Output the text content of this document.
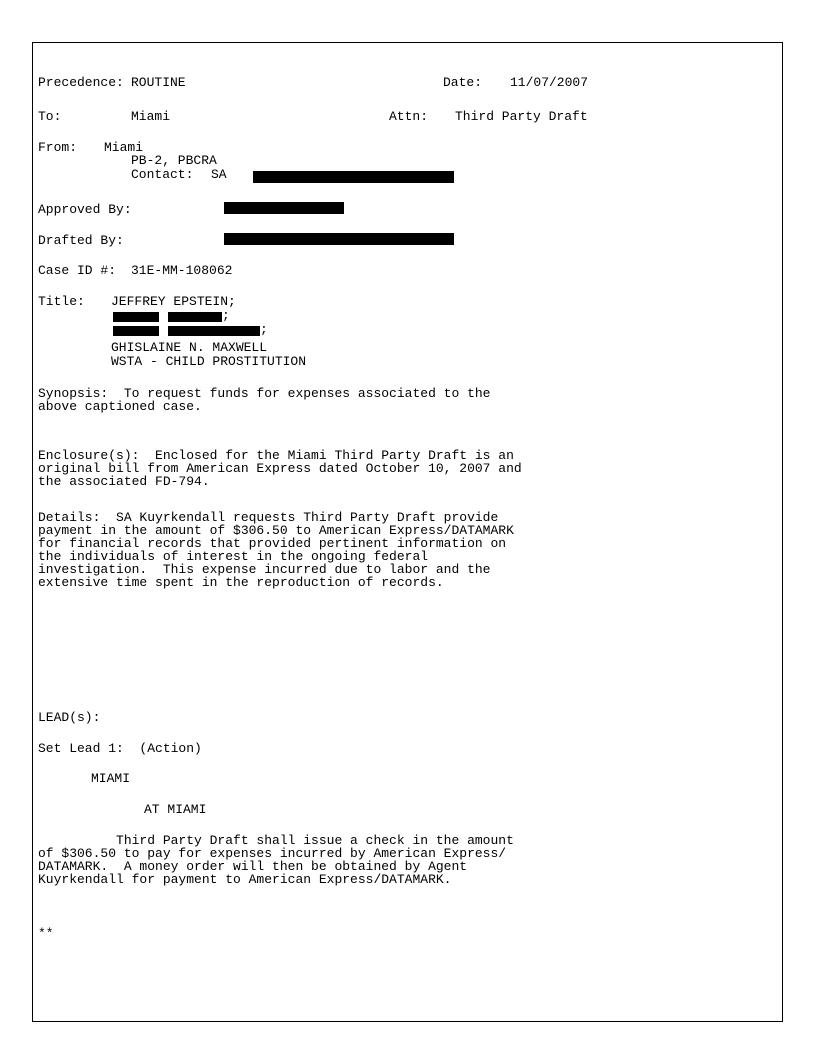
Precedence: ROUTINE	Date: 11/07/2007
To:	Miami	Attn: Third Party Draft
From: Miami
PB-2, PBCRA
Contact: SA
Approved By:
Drafted By:
Case ID #: 31E-MM-108062
Title: JEFFREY EPSTEIN;
;
;
GHISLAINE N. MAXWELL
WSTA - CHILD PROSTITUTION
Synopsis:  To request funds for expenses associated to the
above captioned case.
Enclosure(s):  Enclosed for the Miami Third Party Draft is an
original bill from American Express dated October 10, 2007 and
the associated FD-794.
Details:  SA Kuyrkendall requests Third Party Draft provide
payment in the amount of $306.50 to American Express/DATAMARK
for financial records that provided pertinent information on
the individuals of interest in the ongoing federal
investigation.  This expense incurred due to labor and the
extensive time spent in the reproduction of records.
LEAD(s):
Set Lead 1:  (Action)
MIAMI
AT MIAMI
Third Party Draft shall issue a check in the amount
of $306.50 to pay for expenses incurred by American Express/
DATAMARK.  A money order will then be obtained by Agent
Kuyrkendall for payment to American Express/DATAMARK.
**
